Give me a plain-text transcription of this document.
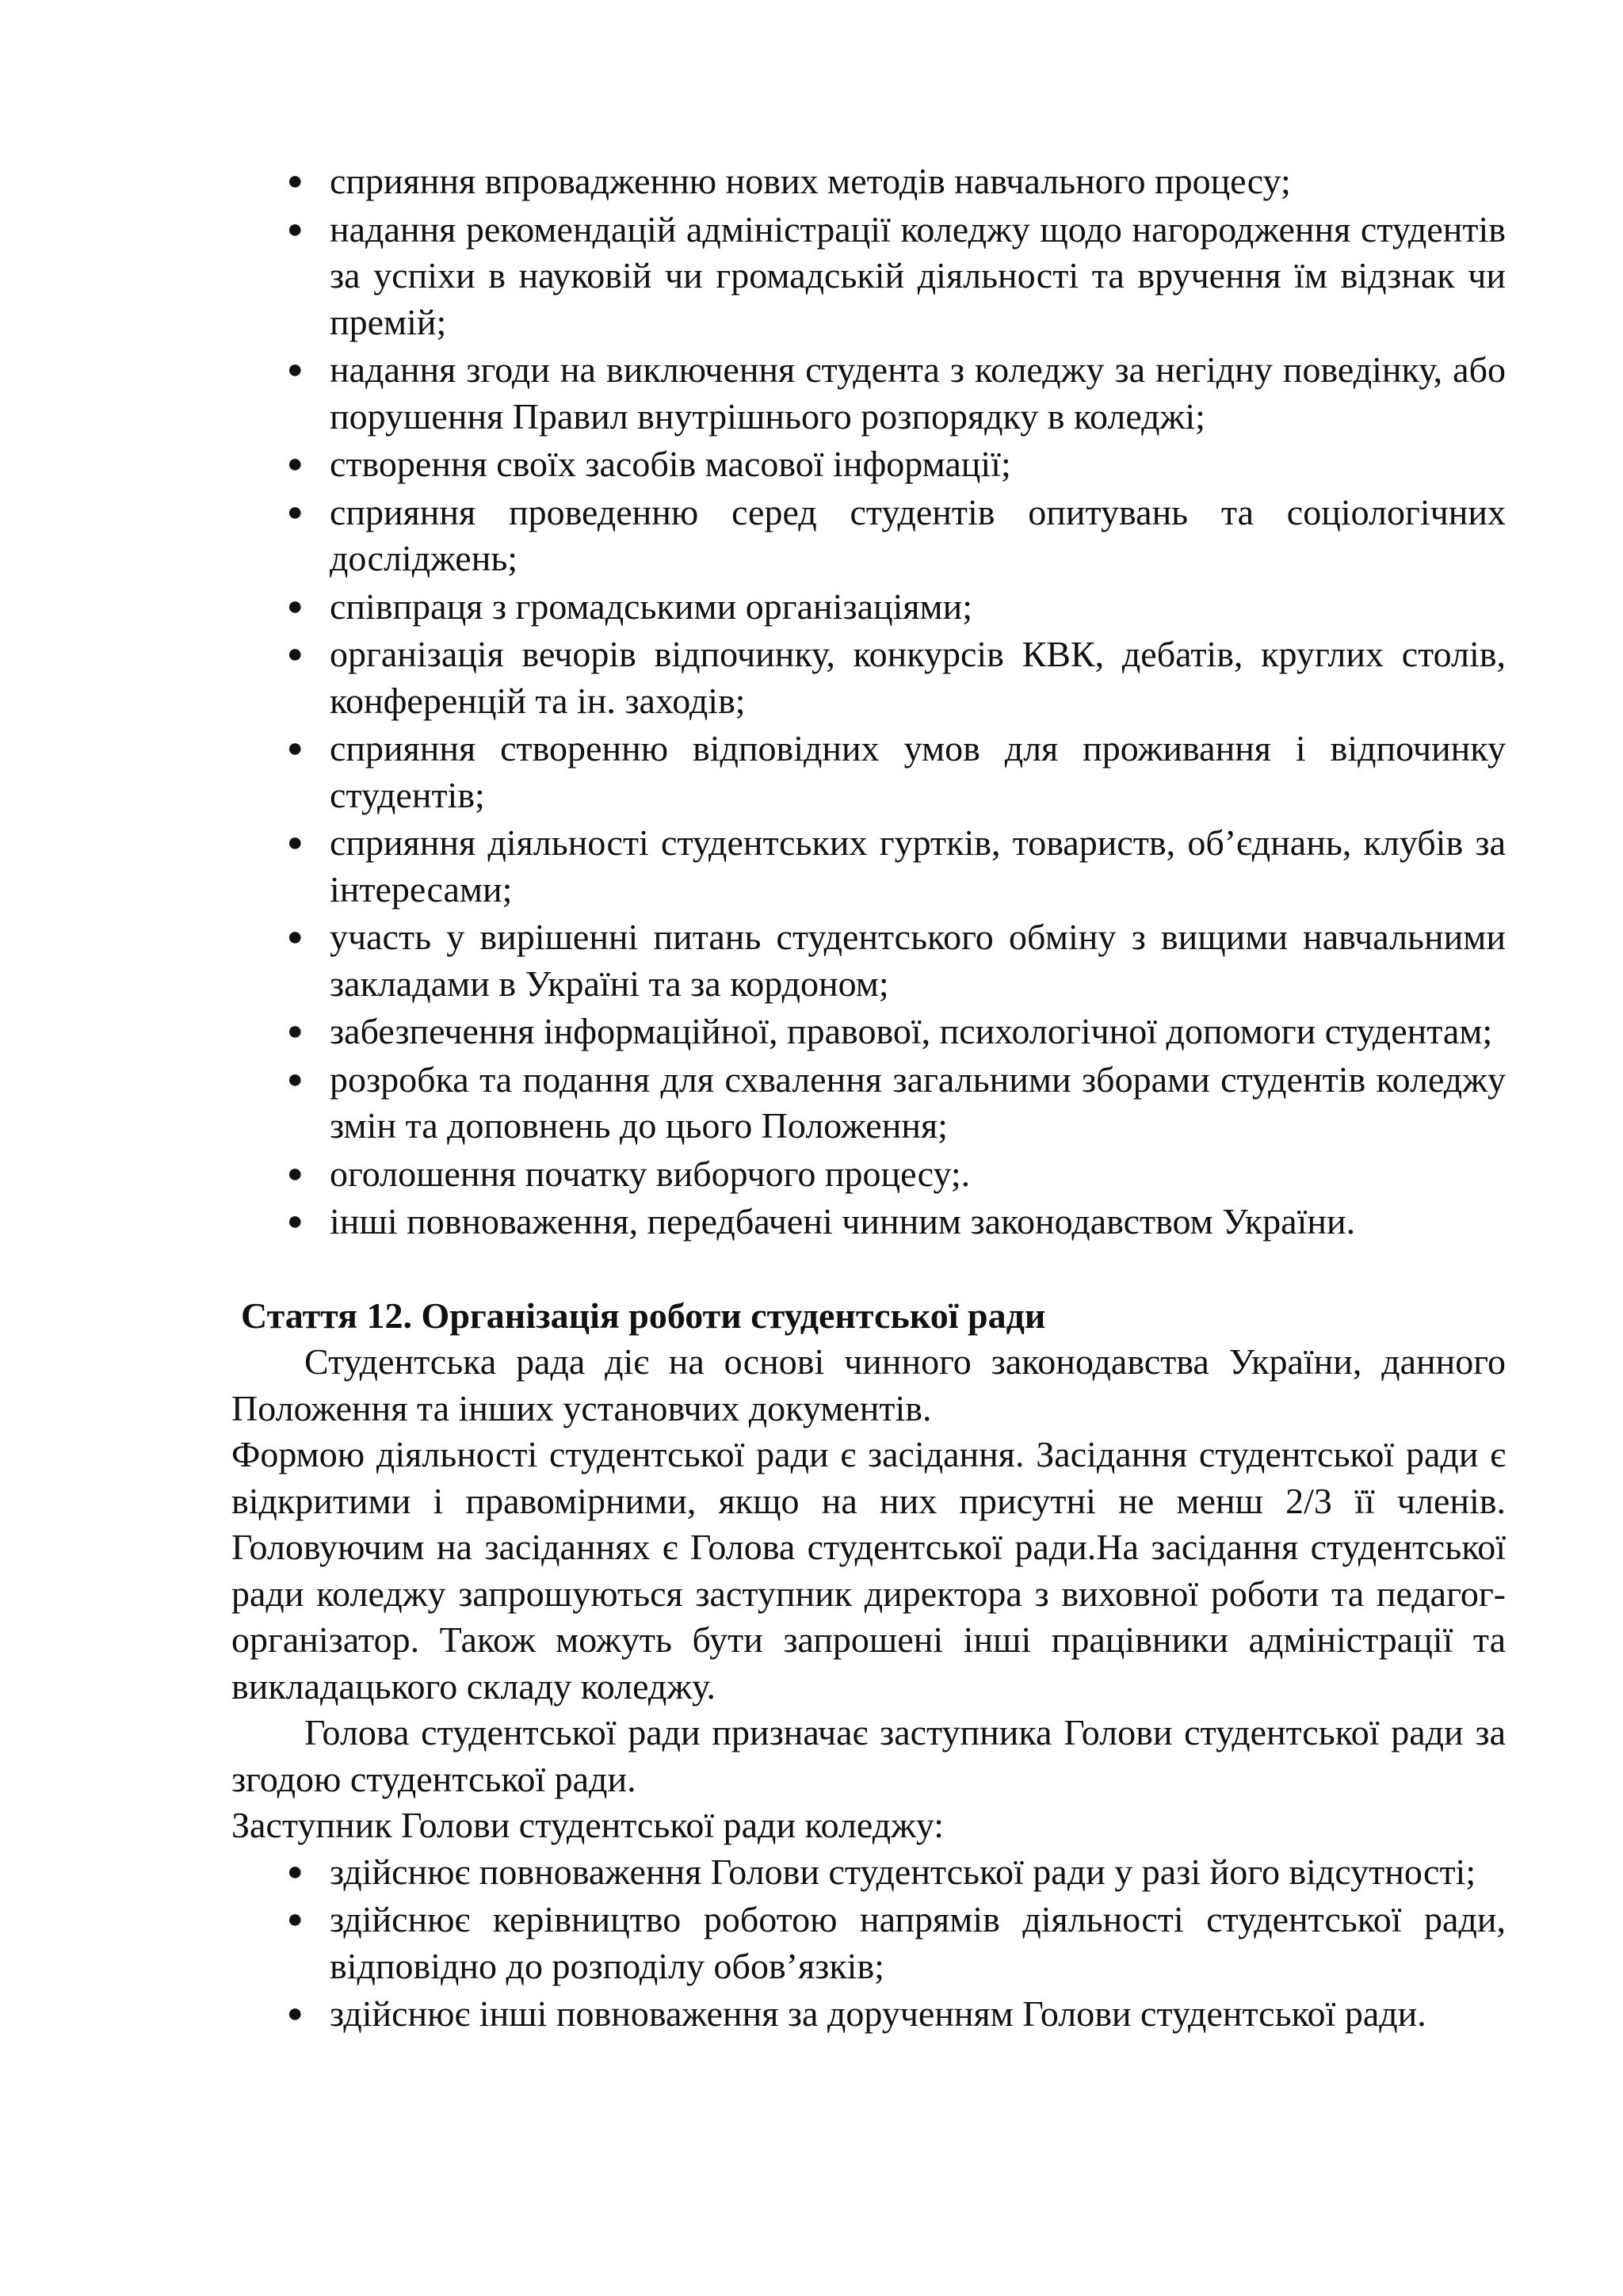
● сприяння впровадженню нових методів навчального процесу;
● надання рекомендацій адміністрації коледжу щодо нагородження студентів за успіхи в науковій чи громадській діяльності та вручення їм відзнак чи премій;
● надання згоди на виключення студента з коледжу за негідну поведінку, або порушення Правил внутрішнього розпорядку в коледжі;
● створення своїх засобів масової інформації;
● сприяння проведенню серед студентів опитувань та соціологічних досліджень;
● співпраця з громадськими організаціями;
● організація вечорів відпочинку, конкурсів КВК, дебатів, круглих столів, конференцій та ін. заходів;
● сприяння створенню відповідних умов для проживання і відпочинку студентів;
● сприяння діяльності студентських гуртків, товариств, об’єднань, клубів за інтересами;
● участь у вирішенні питань студентського обміну з вищими навчальними закладами в Україні та за кордоном;
● забезпечення інформаційної, правової, психологічної допомоги студентам;
● розробка та подання для схвалення загальними зборами студентів коледжу змін та доповнень до цього Положення;
● оголошення початку виборчого процесу;.
● інші повноваження, передбачені чинним законодавством України.
Стаття 12. Організація роботи студентської ради

Студентська рада діє на основі чинного законодавства України, данного Положення та інших установчих документів.

Формою діяльності студентської ради є засідання. Засідання студентської ради є відкритими і правомірними, якщо на них присутні не менш 2/3 її членів. Головуючим на засіданнях є Голова студентської ради.На засідання студентської ради коледжу запрошуються заступник директора з виховної роботи та педагог- організатор. Також можуть бути запрошені інші працівники адміністрації та викладацького складу коледжу.

Голова студентської ради призначає заступника Голови студентської ради за згодою студентської ради.

Заступник Голови студентської ради коледжу:

● здійснює повноваження Голови студентської ради у разі його відсутності;
● здійснює керівництво роботою напрямів діяльності студентської ради, відповідно до розподілу обов’язків;
● здійснює інші повноваження за дорученням Голови студентської ради.
